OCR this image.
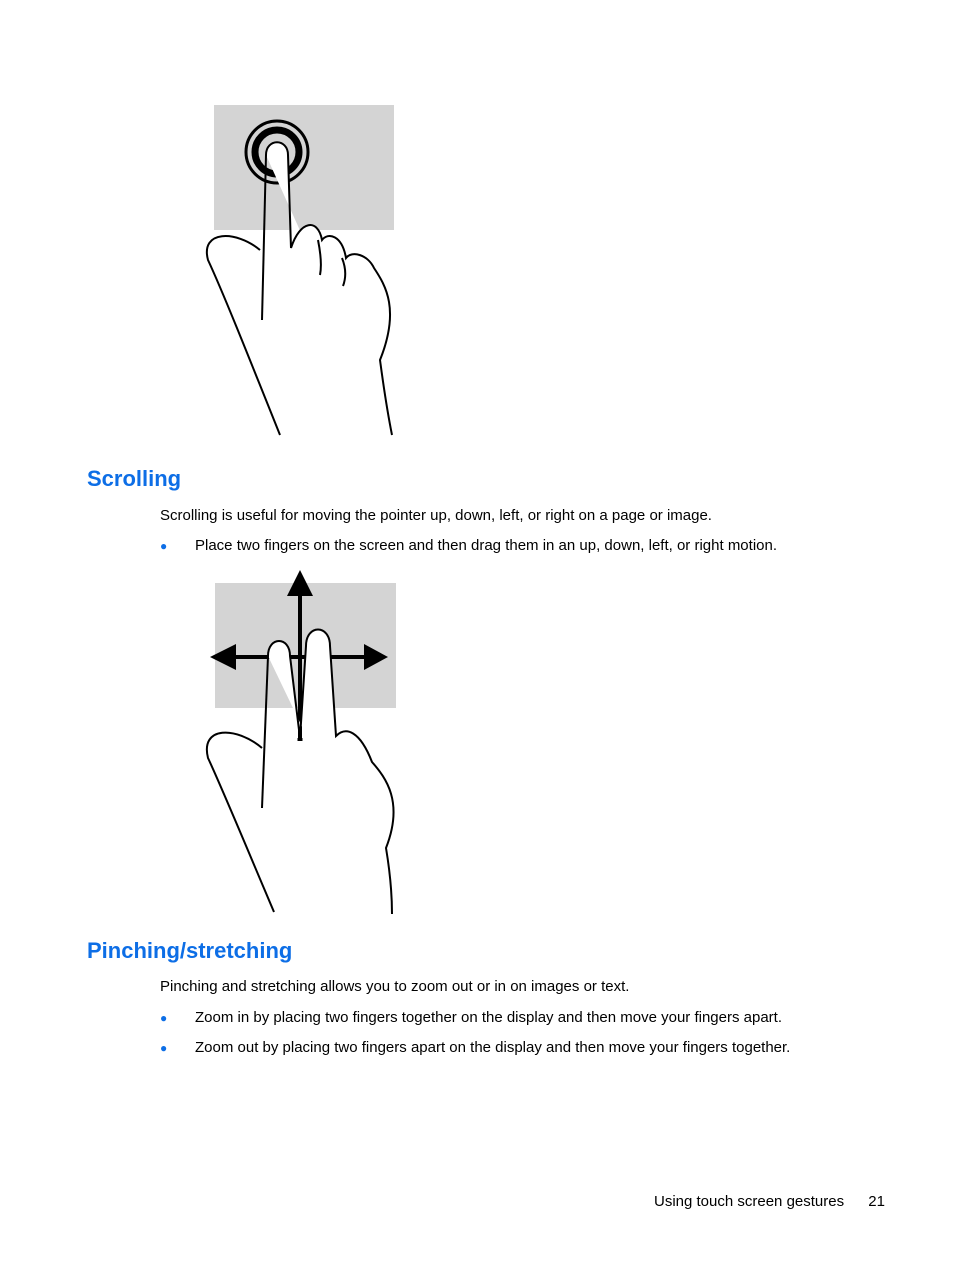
Scrolling

Scrolling is useful for moving the pointer up, down, left, or right on a page or image.

● Place two fingers on the screen and then drag them in an up, down, left, or right motion.
Pinching/stretching

Pinching and stretching allows you to zoom out or in on images or text.

● Zoom in by placing two fingers together on the display and then move your fingers apart.
● Zoom out by placing two fingers apart on the display and then move your fingers together.
Using touch screen gestures 21
